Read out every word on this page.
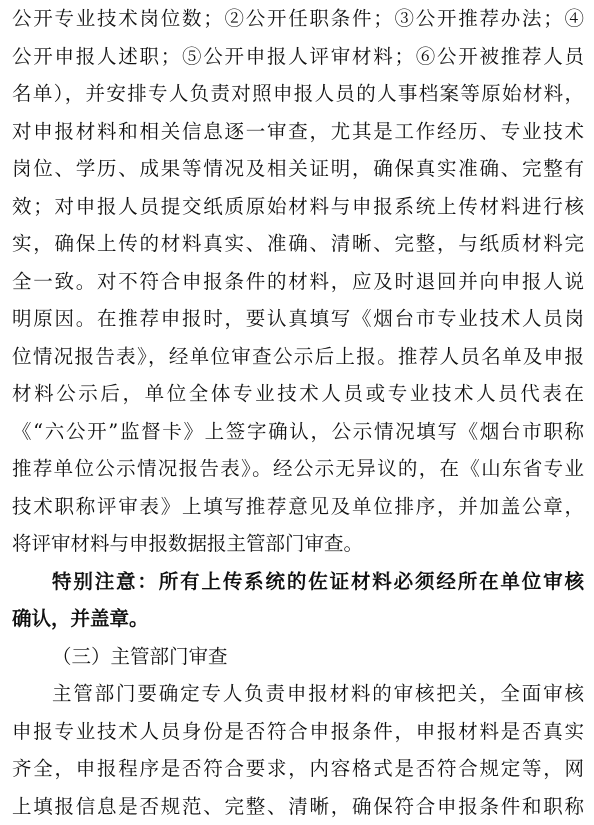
公开专业技术岗位数；②公开任职条件；③公开推荐办法；④
公开申报人述职；⑤公开申报人评审材料；⑥公开被推荐人员
名单），并安排专人负责对照申报人员的人事档案等原始材料，
对申报材料和相关信息逐一审查，尤其是工作经历、专业技术
岗位、学历、成果等情况及相关证明，确保真实准确、完整有
效；对申报人员提交纸质原始材料与申报系统上传材料进行核
实，确保上传的材料真实、准确、清晰、完整，与纸质材料完
全一致。对不符合申报条件的材料，应及时退回并向申报人说
明原因。在推荐申报时，要认真填写《烟台市专业技术人员岗
位情况报告表》，经单位审查公示后上报。推荐人员名单及申报
材料公示后，单位全体专业技术人员或专业技术人员代表在
《“六公开”监督卡》上签字确认，公示情况填写《烟台市职称
推荐单位公示情况报告表》。经公示无异议的，在《山东省专业
技术职称评审表》上填写推荐意见及单位排序，并加盖公章，
将评审材料与申报数据报主管部门审查。
特别注意：所有上传系统的佐证材料必须经所在单位审核
确认，并盖章。
（三）主管部门审查
主管部门要确定专人负责申报材料的审核把关，全面审核
申报专业技术人员身份是否符合申报条件，申报材料是否真实
齐全，申报程序是否符合要求，内容格式是否符合规定等，网
上填报信息是否规范、完整、清晰，确保符合申报条件和职称
